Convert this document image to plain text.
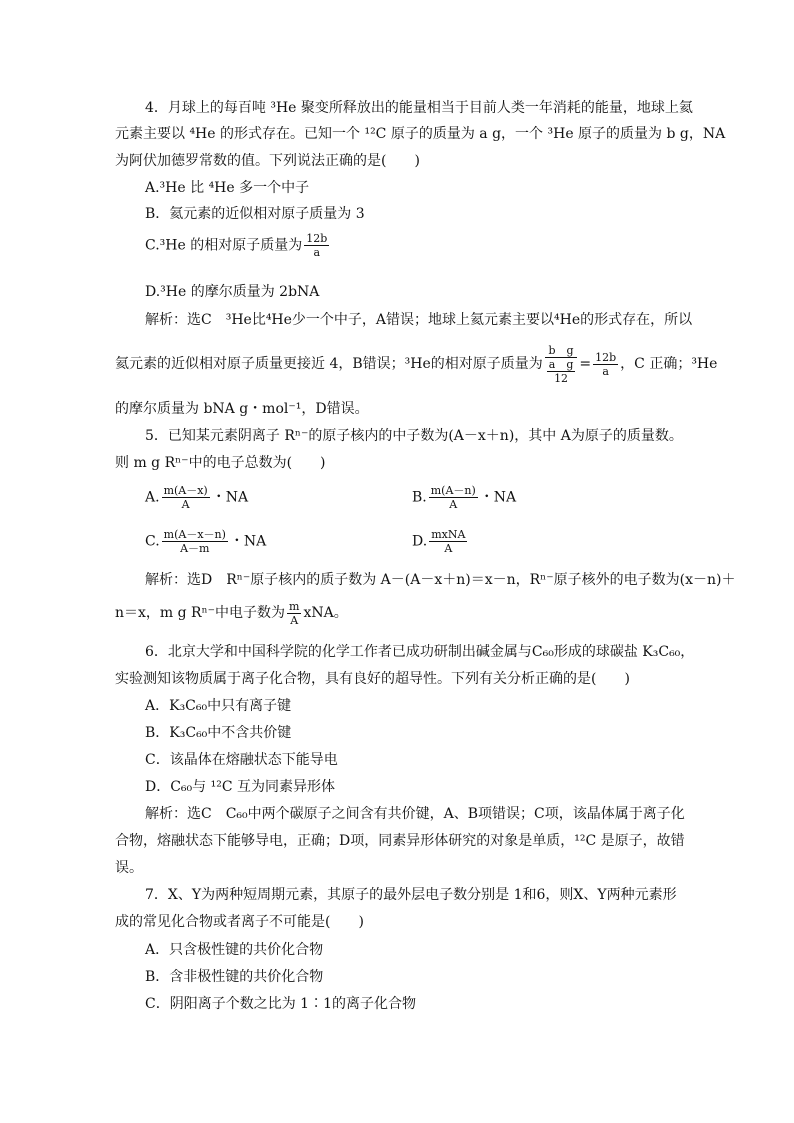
4．月球上的每百吨 ³He 聚变所释放出的能量相当于目前人类一年消耗的能量，地球上氦
元素主要以 ⁴He 的形式存在。已知一个 ¹²C 原子的质量为 a g，一个 ³He 原子的质量为 b g，NA
为阿伏加德罗常数的值。下列说法正确的是(　　)
A.³He 比 ⁴He 多一个中子
B．氦元素的近似相对原子质量为 3
C.³He 的相对原子质量为 $\frac{12b}{a}$
D.³He 的摩尔质量为 2bNA
解析：选C　³He比⁴He少一个中子，A错误；地球上氦元素主要以⁴He的形式存在，所以
氦元素的近似相对原子质量更接近 4，B错误；³He的相对原子质量为 $\frac{\text{b　g}}{\frac{\text{a　g}}{12}} = \frac{12b}{a}$ ，C 正确；³He
的摩尔质量为 bNA g・mol⁻¹，D错误。
5．已知某元素阴离子 Rⁿ⁻的原子核内的中子数为(A－x＋n)，其中 A为原子的质量数。
则 m g Rⁿ⁻中的电子总数为(　　)
A. $\frac{m(A-x)}{A}$ ・NA	B. $\frac{m(A-n)}{A}$ ・NA
C. $\frac{m(A-x-n)}{A-m}$ ・NA	D. $\frac{\text{mxNA}}{A}$
解析：选D　Rⁿ⁻原子核内的质子数为 A－(A－x＋n)＝x－n，Rⁿ⁻原子核外的电子数为(x－n)＋
n＝x，m g Rⁿ⁻中电子数为 $\frac{m}{A}$ xNA。
6．北京大学和中国科学院的化学工作者已成功研制出碱金属与C₆₀形成的球碳盐 K₃C₆₀，
实验测知该物质属于离子化合物，具有良好的超导性。下列有关分析正确的是(　　)
A．K₃C₆₀中只有离子键
B．K₃C₆₀中不含共价键
C．该晶体在熔融状态下能导电
D．C₆₀与 ¹²C 互为同素异形体
解析：选C　C₆₀中两个碳原子之间含有共价键，A、B项错误；C项，该晶体属于离子化
合物，熔融状态下能够导电，正确；D项，同素异形体研究的对象是单质，¹²C 是原子，故错
误。
7．X、Y为两种短周期元素，其原子的最外层电子数分别是 1和6，则X、Y两种元素形
成的常见化合物或者离子不可能是(　　)
A．只含极性键的共价化合物
B．含非极性键的共价化合物
C．阴阳离子个数之比为 1∶1的离子化合物
